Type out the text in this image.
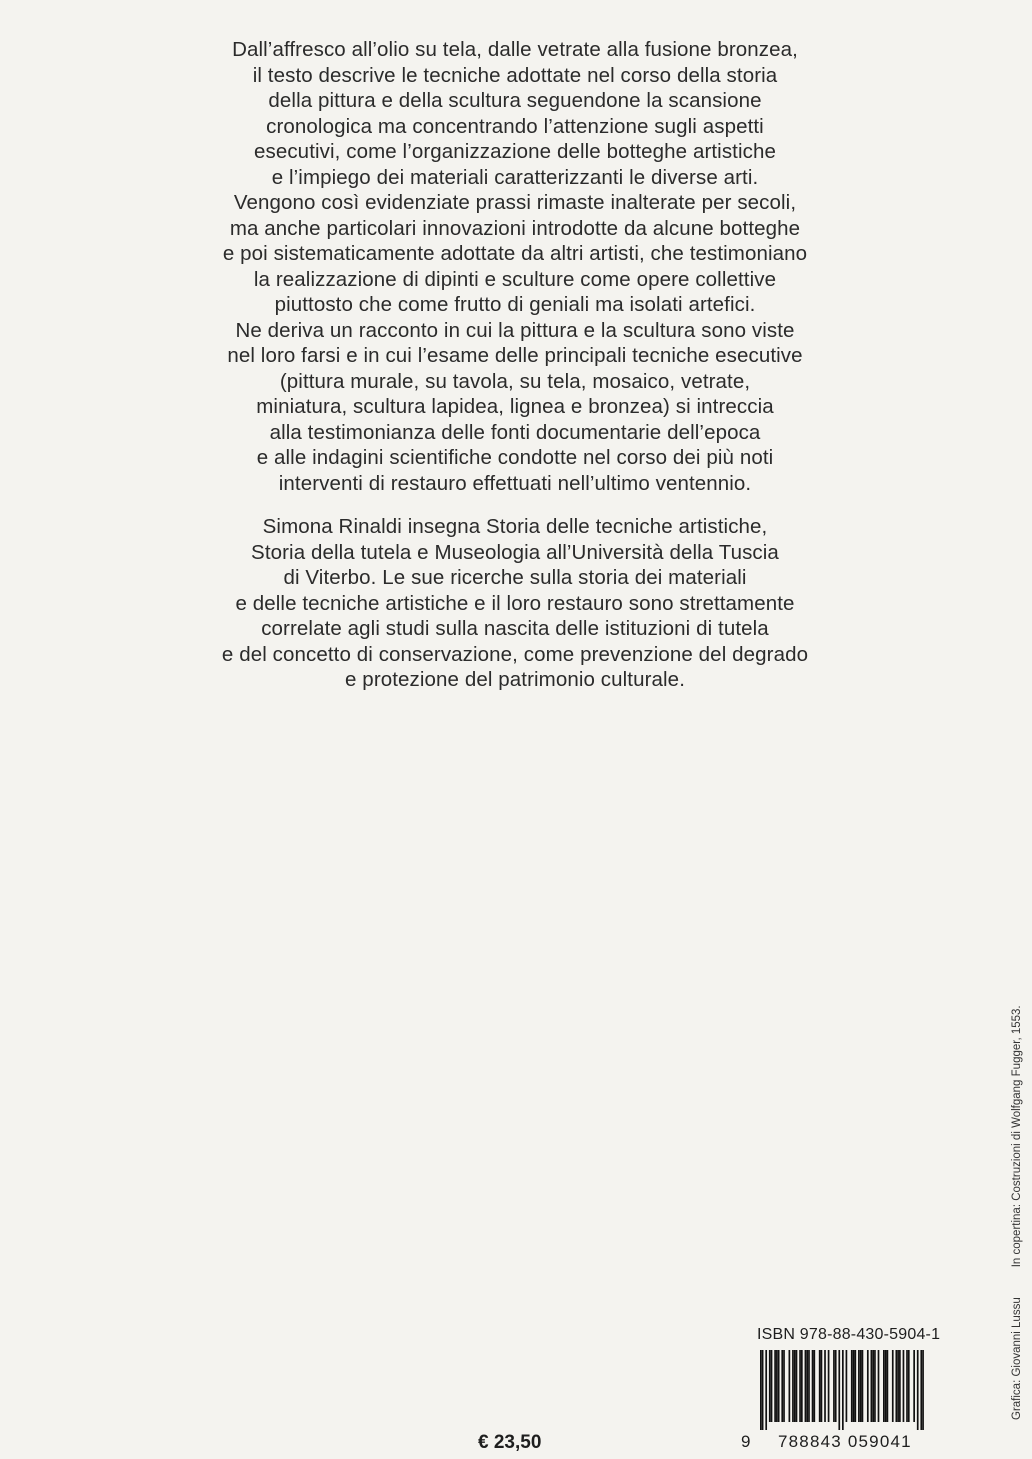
Dall’affresco all’olio su tela, dalle vetrate alla fusione bronzea,
il testo descrive le tecniche adottate nel corso della storia
della pittura e della scultura seguendone la scansione
cronologica ma concentrando l’attenzione sugli aspetti
esecutivi, come l’organizzazione delle botteghe artistiche
e l’impiego dei materiali caratterizzanti le diverse arti.
Vengono così evidenziate prassi rimaste inalterate per secoli,
ma anche particolari innovazioni introdotte da alcune botteghe
e poi sistematicamente adottate da altri artisti, che testimoniano
la realizzazione di dipinti e sculture come opere collettive
piuttosto che come frutto di geniali ma isolati artefici.
Ne deriva un racconto in cui la pittura e la scultura sono viste
nel loro farsi e in cui l’esame delle principali tecniche esecutive
(pittura murale, su tavola, su tela, mosaico, vetrate,
miniatura, scultura lapidea, lignea e bronzea) si intreccia
alla testimonianza delle fonti documentarie dell’epoca
e alle indagini scientifiche condotte nel corso dei più noti
interventi di restauro effettuati nell’ultimo ventennio.
Simona Rinaldi insegna Storia delle tecniche artistiche,
Storia della tutela e Museologia all’Università della Tuscia
di Viterbo. Le sue ricerche sulla storia dei materiali
e delle tecniche artistiche e il loro restauro sono strettamente
correlate agli studi sulla nascita delle istituzioni di tutela
e del concetto di conservazione, come prevenzione del degrado
e protezione del patrimonio culturale.
€ 23,50
ISBN 978-88-430-5904-1
9 788843 059041
Grafica: Giovanni LussuIn copertina: Costruzioni di Wolfgang Fugger, 1553.
